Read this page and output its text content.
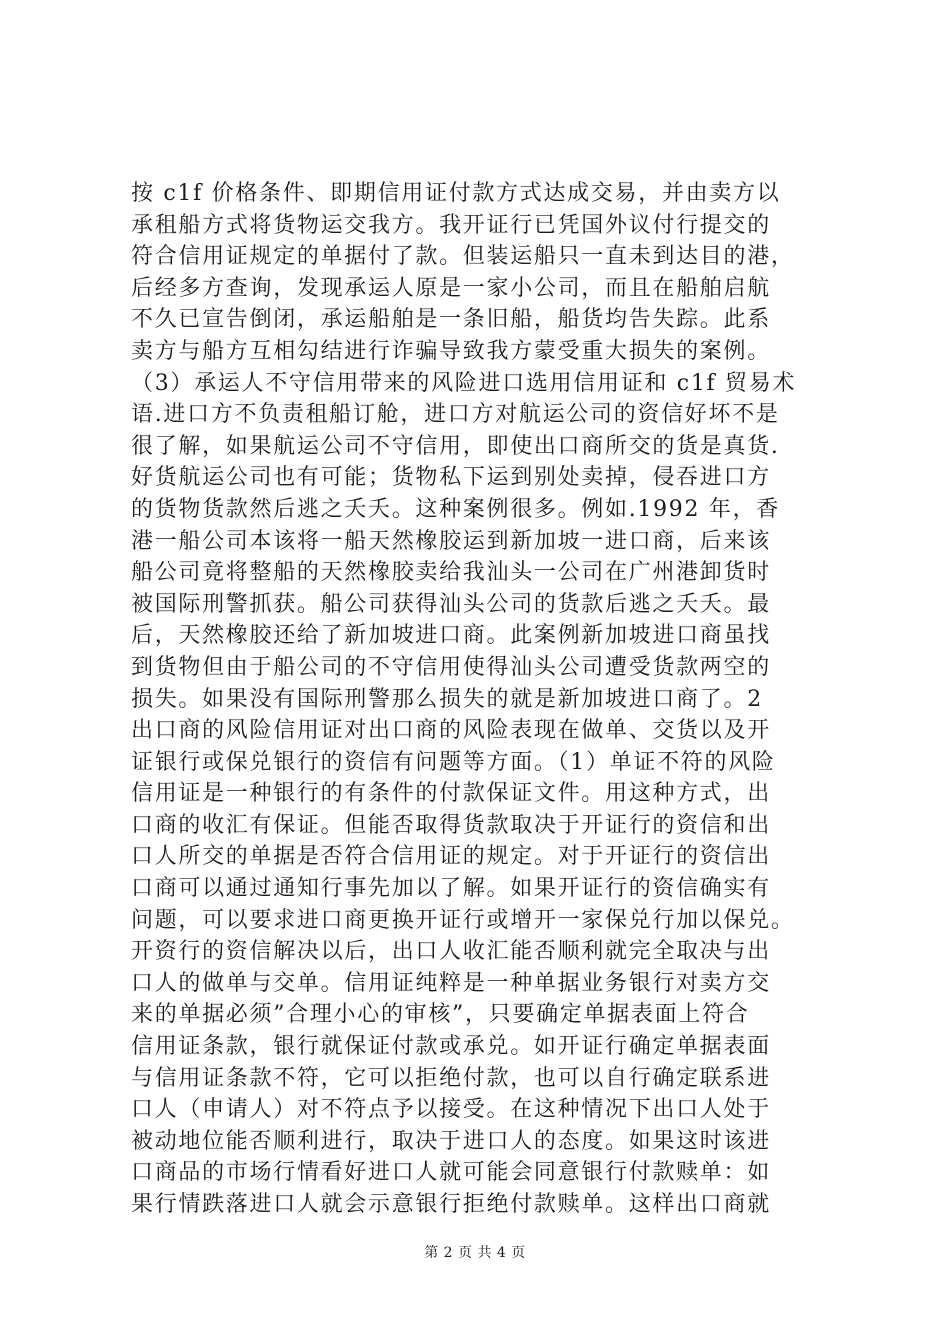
按 c1f 价格条件、即期信用证付款方式达成交易，并由卖方以
承租船方式将货物运交我方。我开证行已凭国外议付行提交的
符合信用证规定的单据付了款。但装运船只一直未到达目的港，
后经多方查询，发现承运人原是一家小公司，而且在船舶启航
不久已宣告倒闭，承运船舶是一条旧船，船货均告失踪。此系
卖方与船方互相勾结进行诈骗导致我方蒙受重大损失的案例。
（3）承运人不守信用带来的风险进口选用信用证和 c1f 贸易术
语.进口方不负责租船订舱，进口方对航运公司的资信好坏不是
很了解，如果航运公司不守信用，即使出口商所交的货是真货.
好货航运公司也有可能；货物私下运到别处卖掉，侵吞进口方
的货物货款然后逃之夭夭。这种案例很多。例如.1992 年，香
港一船公司本该将一船天然橡胶运到新加坡一进口商，后来该
船公司竟将整船的天然橡胶卖给我汕头一公司在广州港卸货时
被国际刑警抓获。船公司获得汕头公司的货款后逃之夭夭。最
后，天然橡胶还给了新加坡进口商。此案例新加坡进口商虽找
到货物但由于船公司的不守信用使得汕头公司遭受货款两空的
损失。如果没有国际刑警那么损失的就是新加坡进口商了。2
出口商的风险信用证对出口商的风险表现在做单、交货以及开
证银行或保兑银行的资信有问题等方面。（1）单证不符的风险
信用证是一种银行的有条件的付款保证文件。用这种方式，出
口商的收汇有保证。但能否取得货款取决于开证行的资信和出
口人所交的单据是否符合信用证的规定。对于开证行的资信出
口商可以通过通知行事先加以了解。如果开证行的资信确实有
问题，可以要求进口商更换开证行或增开一家保兑行加以保兑。
开资行的资信解决以后，出口人收汇能否顺利就完全取决与出
口人的做单与交单。信用证纯粹是一种单据业务银行对卖方交
来的单据必须”合理小心的审核”，只要确定单据表面上符合
信用证条款，银行就保证付款或承兑。如开证行确定单据表面
与信用证条款不符，它可以拒绝付款，也可以自行确定联系进
口人（申请人）对不符点予以接受。在这种情况下出口人处于
被动地位能否顺利进行，取决于进口人的态度。如果这时该进
口商品的市场行情看好进口人就可能会同意银行付款赎单：如
果行情跌落进口人就会示意银行拒绝付款赎单。这样出口商就
第 2 页 共 4 页
